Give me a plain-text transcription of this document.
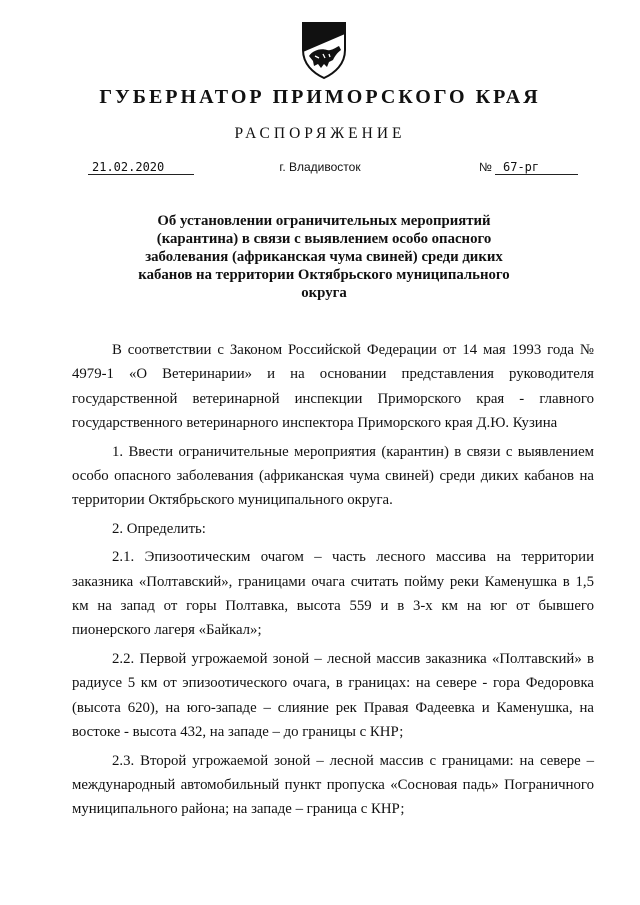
ГУБЕРНАТОР ПРИМОРСКОГО КРАЯ
РАСПОРЯЖЕНИЕ
21.02.2020	г. Владивосток	№ 67-рг
Об установлении ограничительных мероприятий (карантина) в связи с выявлением особо опасного заболевания (африканская чума свиней) среди диких кабанов на территории Октябрьского муниципального округа

В соответствии с Законом Российской Федерации от 14 мая 1993 года № 4979-1 «О Ветеринарии» и на основании представления руководителя государственной ветеринарной инспекции Приморского края - главного государственного ветеринарного инспектора Приморского края Д.Ю. Кузина

1. Ввести ограничительные мероприятия (карантин) в связи с выявлением особо опасного заболевания (африканская чума свиней) среди диких кабанов на территории Октябрьского муниципального округа.

2. Определить:

2.1. Эпизоотическим очагом – часть лесного массива на территории заказника «Полтавский», границами очага считать пойму реки Каменушка в 1,5 км на запад от горы Полтавка, высота 559 и в 3-х км на юг от бывшего пионерского лагеря «Байкал»;

2.2. Первой угрожаемой зоной – лесной массив заказника «Полтавский» в радиусе 5 км от эпизоотического очага, в границах: на севере - гора Федоровка (высота 620), на юго-западе – слияние рек Правая Фадеевка и Каменушка, на востоке - высота 432, на западе – до границы с КНР;

2.3. Второй угрожаемой зоной – лесной массив с границами: на севере – международный автомобильный пункт пропуска «Сосновая падь» Пограничного муниципального района; на западе – граница с КНР;
